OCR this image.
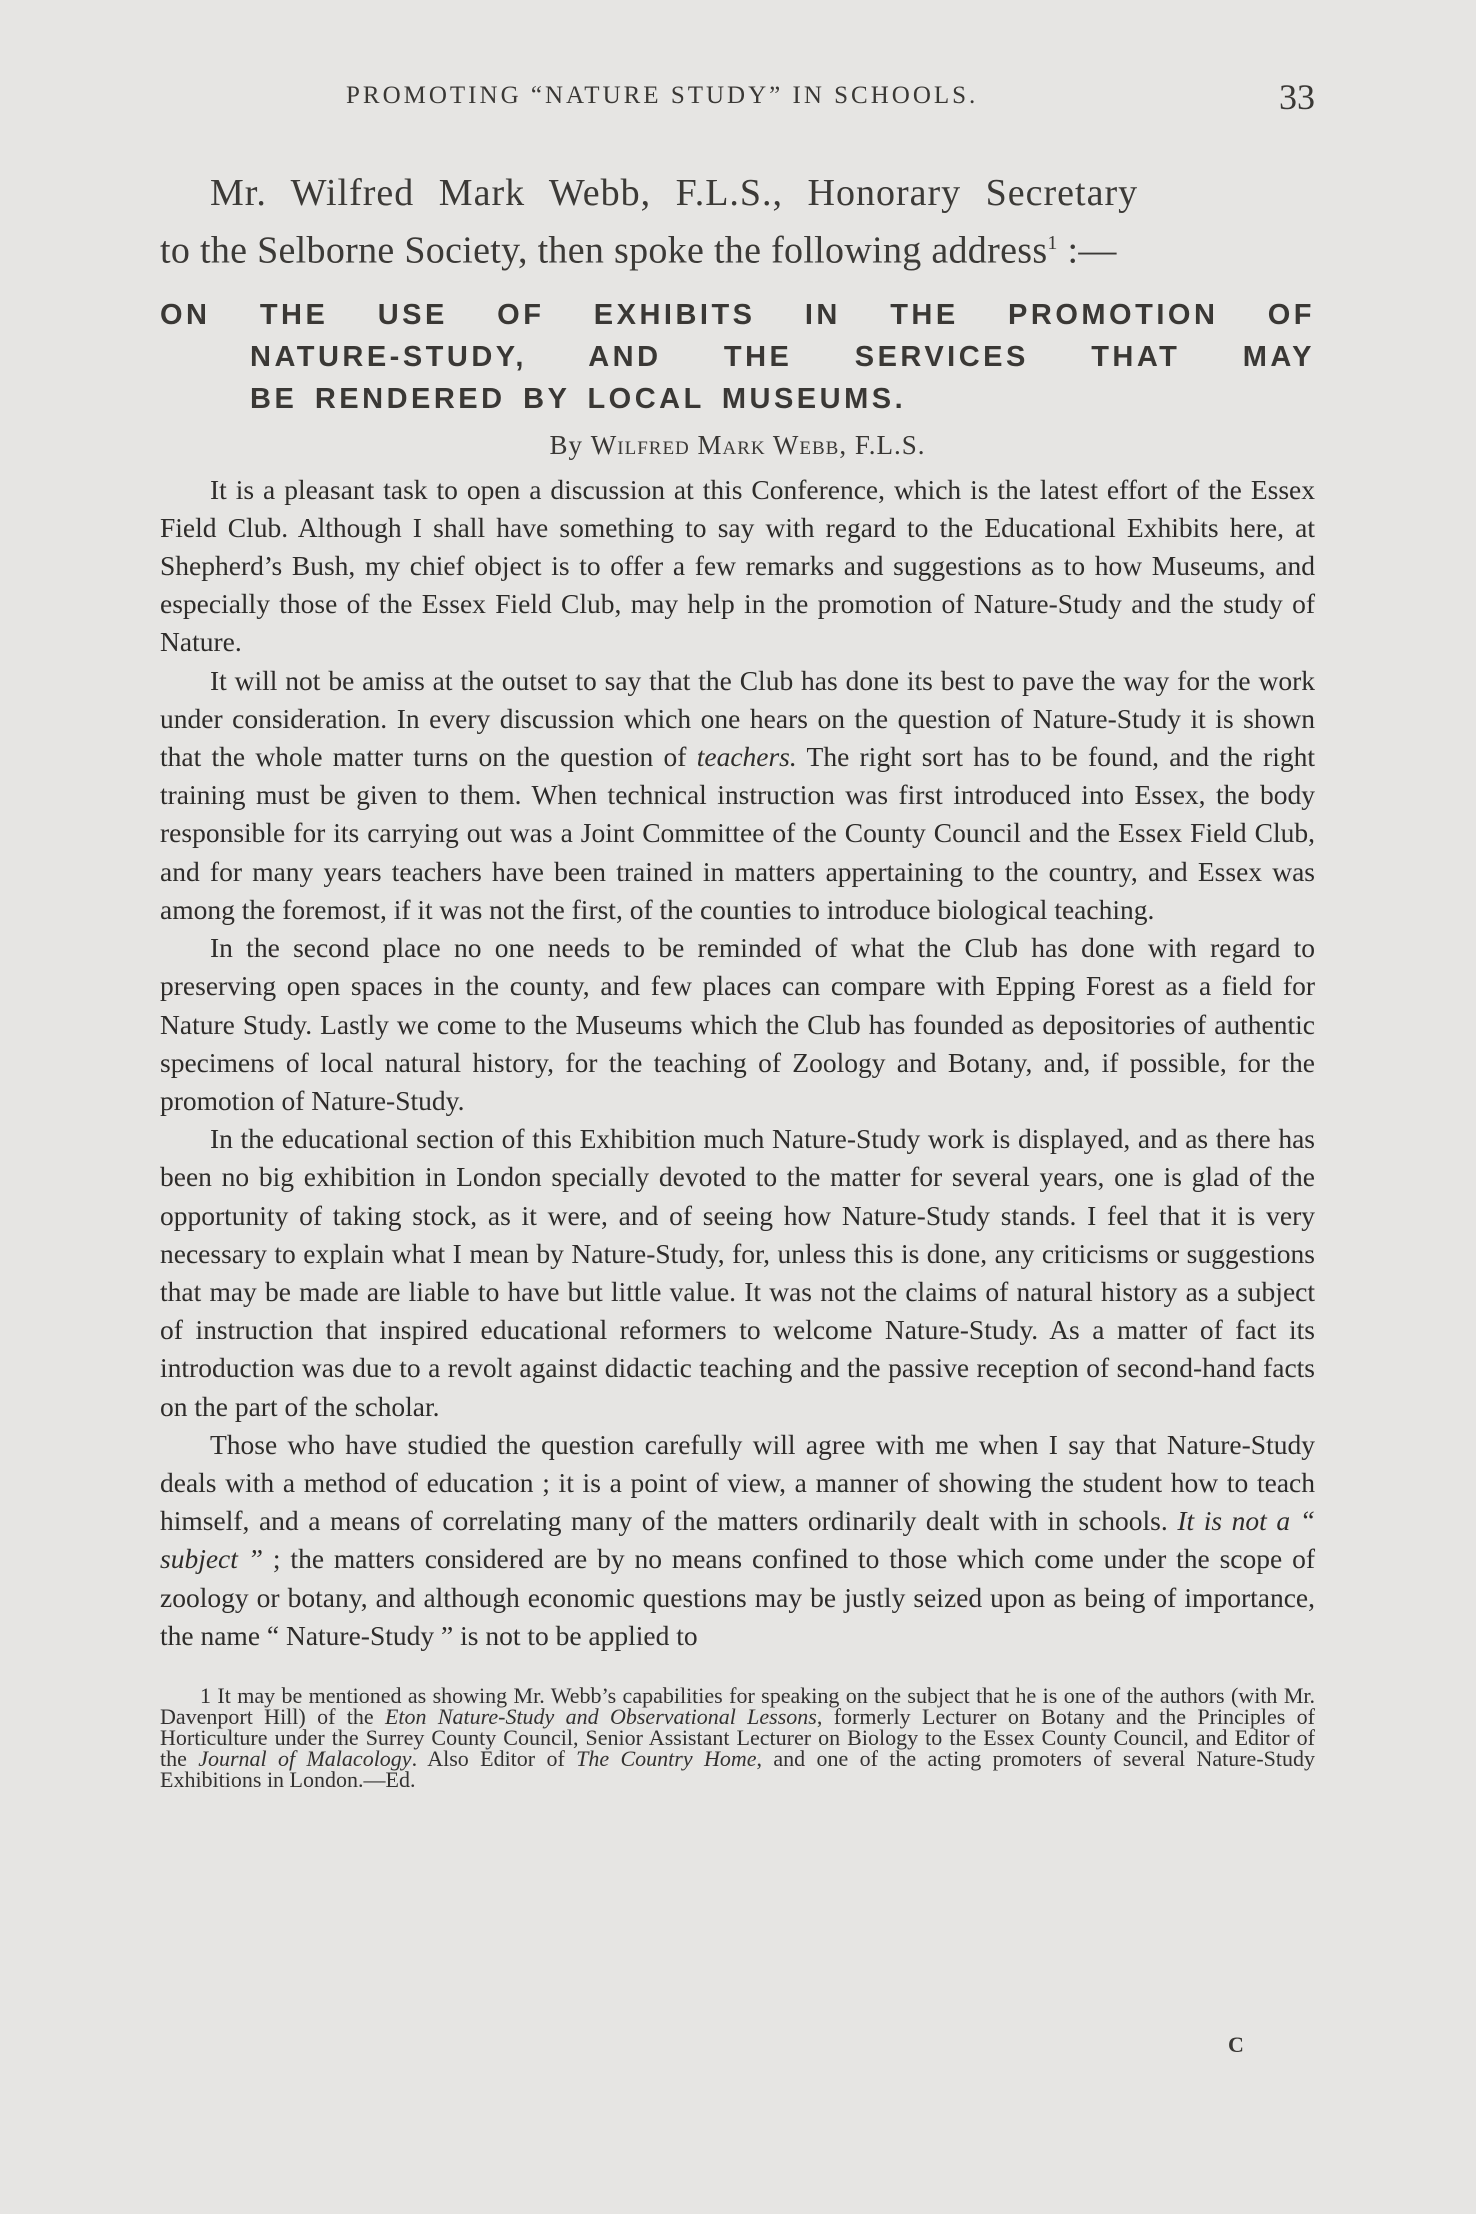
PROMOTING “NATURE STUDY” IN SCHOOLS.	33
Mr. Wilfred Mark Webb, F.L.S., Honorary Secretary
to the Selborne Society, then spoke the following address$^1$ :—
ON THE USE OF EXHIBITS IN THE PROMOTION OF
NATURE-STUDY, AND THE SERVICES THAT MAY
BE RENDERED BY LOCAL MUSEUMS.
By Wilfred Mark Webb, F.L.S.

It is a pleasant task to open a discussion at this Conference, which is the latest effort of the Essex Field Club. Although I shall have something to say with regard to the Educational Exhibits here, at Shepherd’s Bush, my chief object is to offer a few remarks and suggestions as to how Museums, and especially those of the Essex Field Club, may help in the promotion of Nature-Study and the study of Nature.

It will not be amiss at the outset to say that the Club has done its best to pave the way for the work under consideration. In every discussion which one hears on the question of Nature-Study it is shown that the whole matter turns on the question of teachers. The right sort has to be found, and the right training must be given to them. When technical instruction was first introduced into Essex, the body responsible for its carrying out was a Joint Committee of the County Council and the Essex Field Club, and for many years teachers have been trained in matters appertaining to the country, and Essex was among the foremost, if it was not the first, of the counties to introduce biological teaching.

In the second place no one needs to be reminded of what the Club has done with regard to preserving open spaces in the county, and few places can compare with Epping Forest as a field for Nature Study. Lastly we come to the Museums which the Club has founded as depositories of authentic specimens of local natural history, for the teaching of Zoology and Botany, and, if possible, for the promotion of Nature-Study.

In the educational section of this Exhibition much Nature-Study work is displayed, and as there has been no big exhibition in London specially devoted to the matter for several years, one is glad of the opportunity of taking stock, as it were, and of seeing how Nature-Study stands. I feel that it is very necessary to explain what I mean by Nature-Study, for, unless this is done, any criticisms or suggestions that may be made are liable to have but little value. It was not the claims of natural history as a subject of instruction that inspired educational reformers to welcome Nature-Study. As a matter of fact its introduction was due to a revolt against didactic teaching and the passive reception of second-hand facts on the part of the scholar.

Those who have studied the question carefully will agree with me when I say that Nature-Study deals with a method of education ; it is a point of view, a manner of showing the student how to teach himself, and a means of correlating many of the matters ordinarily dealt with in schools. It is not a “ subject ” ; the matters considered are by no means confined to those which come under the scope of zoology or botany, and although economic questions may be justly seized upon as being of importance, the name “ Nature-Study ” is not to be applied to

1 It may be mentioned as showing Mr. Webb’s capabilities for speaking on the subject that he is one of the authors (with Mr. Davenport Hill) of the Eton Nature-Study and Observational Lessons, formerly Lecturer on Botany and the Principles of Horticulture under the Surrey County Council, Senior Assistant Lecturer on Biology to the Essex County Council, and Editor of the Journal of Malacology. Also Editor of The Country Home, and one of the acting promoters of several Nature-Study Exhibitions in London.—Ed.

C
